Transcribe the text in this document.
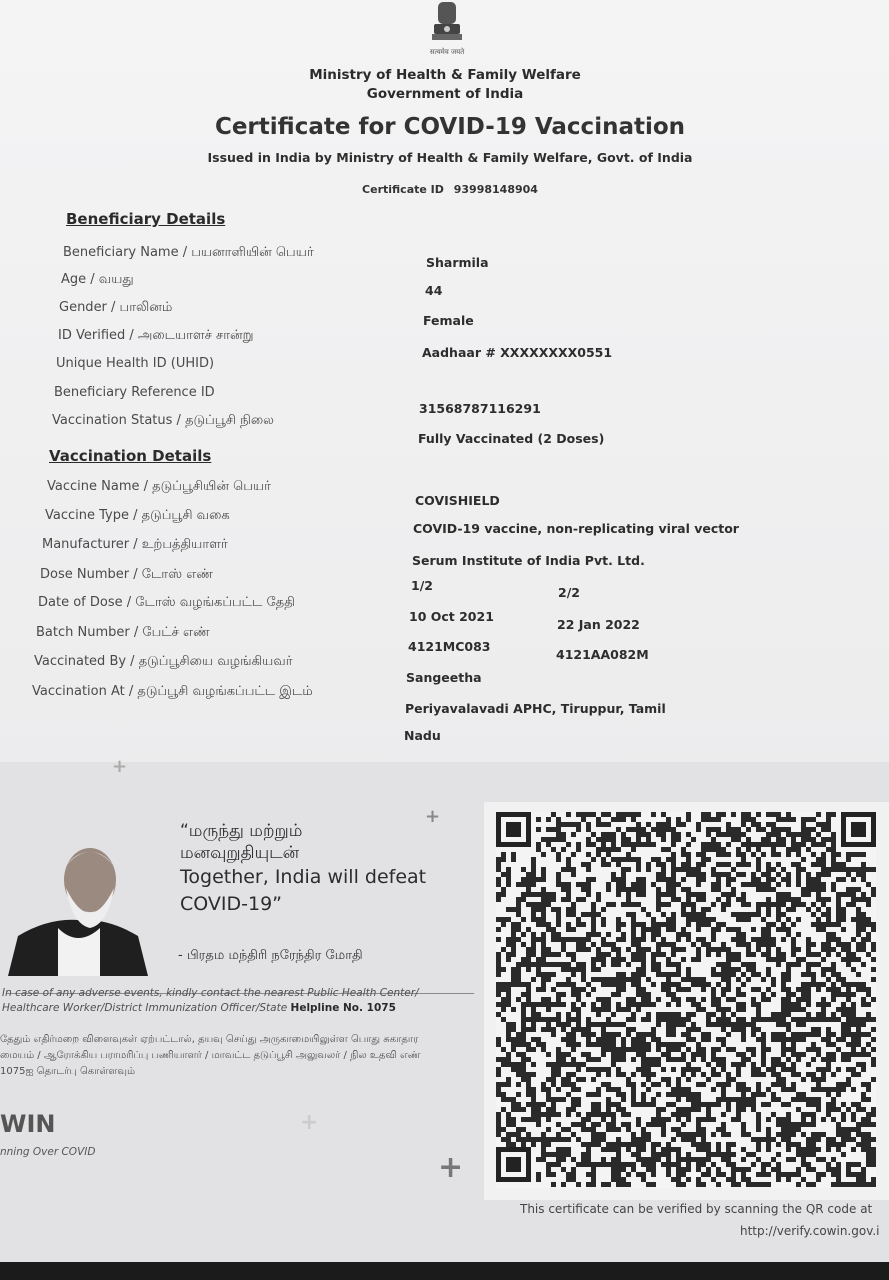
सत्यमेव जयते
Ministry of Health & Family Welfare
Government of India
Certificate for COVID-19 Vaccination
Issued in India by Ministry of Health & Family Welfare, Govt. of India
Certificate ID 93998148904
Beneficiary Details
Beneficiary Name / பயனாளியின் பெயர்
Sharmila
Age / வயது
44
Gender / பாலினம்
Female
ID Verified / அடையாளச் சான்று
Aadhaar # XXXXXXXX0551
Unique Health ID (UHID)
Beneficiary Reference ID
31568787116291
Vaccination Status / தடுப்பூசி நிலை
Fully Vaccinated (2 Doses)
Vaccination Details
Vaccine Name / தடுப்பூசியின் பெயர்
COVISHIELD
Vaccine Type / தடுப்பூசி வகை
COVID-19 vaccine, non-replicating viral vector
Manufacturer / உற்பத்தியாளர்
Serum Institute of India Pvt. Ltd.
Dose Number / டோஸ் எண்
1/2	2/2
Date of Dose / டோஸ் வழங்கப்பட்ட தேதி
10 Oct 2021
22 Jan 2022
Batch Number / பேட்ச் எண்
4121MC083
4121AA082M
Vaccinated By / தடுப்பூசியை வழங்கியவர்
Sangeetha
Vaccination At / தடுப்பூசி வழங்கப்பட்ட இடம்
Periyavalavadi APHC, Tiruppur, Tamil
Nadu
+
+
+
+
“மருந்து மற்றும்
மனவுறுதியுடன்
Together, India will defeat
COVID-19”
- பிரதம மந்திரி நரேந்திர மோதி
In case of any adverse events, kindly contact the nearest Public Health Center/ Healthcare Worker/District Immunization Officer/State Helpline No. 1075
தேதும் எதிர்மறை விளைவுகள் ஏற்பட்டால், தயவு செய்து அருகாமையிலுள்ள பொது சுகாதார மையம் / ஆரோக்கிய பராமரிப்பு பணியாளர் / மாவட்ட தடுப்பூசி அலுவலர் / நில உதவி எண் 1075ஐ தொடர்பு கொள்ளவும்
WIN
nning Over COVID
This certificate can be verified by scanning the QR code at
http://verify.cowin.gov.i
